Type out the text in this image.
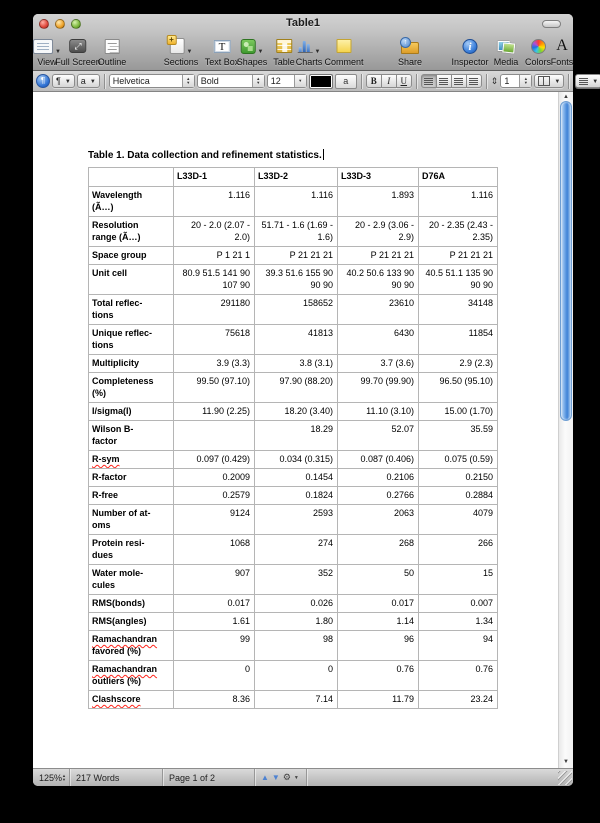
Table1
▼
View
⤢
Full Screen
Outline
+
▼
Sections
T
Text Box
▼
Shapes Table
▼
Charts Comment
↑	Share
i
Inspector Media Colors
A
Fonts
¶	¶ ▼ a ▼	Helvetica	▲
▼	Bold	▲
▼	12	▼	a	B	I	U	⇕ 1	▲
▼	▼	▼
Table 1. Data collection and refinement statistics.
	L33D-1	L33D-2	L33D-3	D76A
Wavelength
(Ã…)	1.116	1.116	1.893	1.116
Resolution
range (Ã…)	20 - 2.0 (2.07 - 2.0)	51.71 - 1.6 (1.69 - 1.6)	20 - 2.9 (3.06 - 2.9)	20 - 2.35 (2.43 - 2.35)
Space group	P 1 21 1	P 21 21 21	P 21 21 21	P 21 21 21
Unit cell	80.9 51.5 141 90 107 90	39.3 51.6 155 90 90 90	40.2 50.6 133 90 90 90	40.5 51.1 135 90 90 90
Total reflec-
tions	291180	158652	23610	34148
Unique reflec-
tions	75618	41813	6430	11854
Multiplicity	3.9 (3.3)	3.8 (3.1)	3.7 (3.6)	2.9 (2.3)
Completeness
(%)	99.50 (97.10)	97.90 (88.20)	99.70 (99.90)	96.50 (95.10)
I/sigma(I)	11.90 (2.25)	18.20 (3.40)	11.10 (3.10)	15.00 (1.70)
Wilson B-
factor		18.29	52.07	35.59
R-sym	0.097 (0.429)	0.034 (0.315)	0.087 (0.406)	0.075 (0.59)
R-factor	0.2009	0.1454	0.2106	0.2150
R-free	0.2579	0.1824	0.2766	0.2884
Number of at-
oms	9124	2593	2063	4079
Protein resi-
dues	1068	274	268	266
Water mole-
cules	907	352	50	15
RMS(bonds)	0.017	0.026	0.017	0.007
RMS(angles)	1.61	1.80	1.14	1.34
Ramachandran
favored (%)	99	98	96	94
Ramachandran
outliers (%)	0	0	0.76	0.76
Clashscore	8.36	7.14	11.79	23.24
▲
▼
125% ▲
▼ 217 Words	Page 1 of 2	▲ ▼ ⚙ ▼
